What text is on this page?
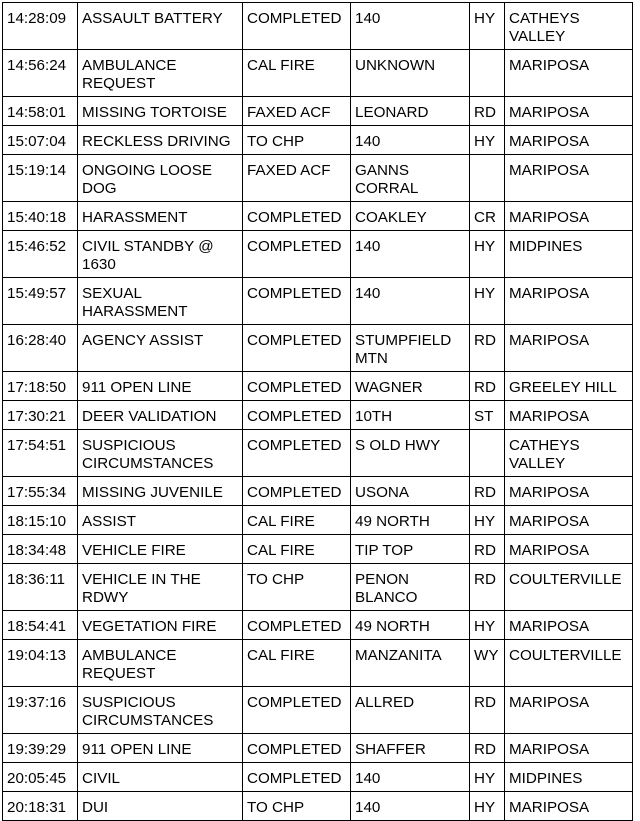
14:28:09	ASSAULT BATTERY	COMPLETED	140	HY	CATHEYS VALLEY
14:56:24	AMBULANCE REQUEST	CAL FIRE	UNKNOWN		MARIPOSA
14:58:01	MISSING TORTOISE	FAXED ACF	LEONARD	RD	MARIPOSA
15:07:04	RECKLESS DRIVING	TO CHP	140	HY	MARIPOSA
15:19:14	ONGOING LOOSE DOG	FAXED ACF	GANNS CORRAL		MARIPOSA
15:40:18	HARASSMENT	COMPLETED	COAKLEY	CR	MARIPOSA
15:46:52	CIVIL STANDBY @ 1630	COMPLETED	140	HY	MIDPINES
15:49:57	SEXUAL HARASSMENT	COMPLETED	140	HY	MARIPOSA
16:28:40	AGENCY ASSIST	COMPLETED	STUMPFIELD MTN	RD	MARIPOSA
17:18:50	911 OPEN LINE	COMPLETED	WAGNER	RD	GREELEY HILL
17:30:21	DEER VALIDATION	COMPLETED	10TH	ST	MARIPOSA
17:54:51	SUSPICIOUS CIRCUMSTANCES	COMPLETED	S OLD HWY		CATHEYS VALLEY
17:55:34	MISSING JUVENILE	COMPLETED	USONA	RD	MARIPOSA
18:15:10	ASSIST	CAL FIRE	49 NORTH	HY	MARIPOSA
18:34:48	VEHICLE FIRE	CAL FIRE	TIP TOP	RD	MARIPOSA
18:36:11	VEHICLE IN THE RDWY	TO CHP	PENON BLANCO	RD	COULTERVILLE
18:54:41	VEGETATION FIRE	COMPLETED	49 NORTH	HY	MARIPOSA
19:04:13	AMBULANCE REQUEST	CAL FIRE	MANZANITA	WY	COULTERVILLE
19:37:16	SUSPICIOUS CIRCUMSTANCES	COMPLETED	ALLRED	RD	MARIPOSA
19:39:29	911 OPEN LINE	COMPLETED	SHAFFER	RD	MARIPOSA
20:05:45	CIVIL	COMPLETED	140	HY	MIDPINES
20:18:31	DUI	TO CHP	140	HY	MARIPOSA
